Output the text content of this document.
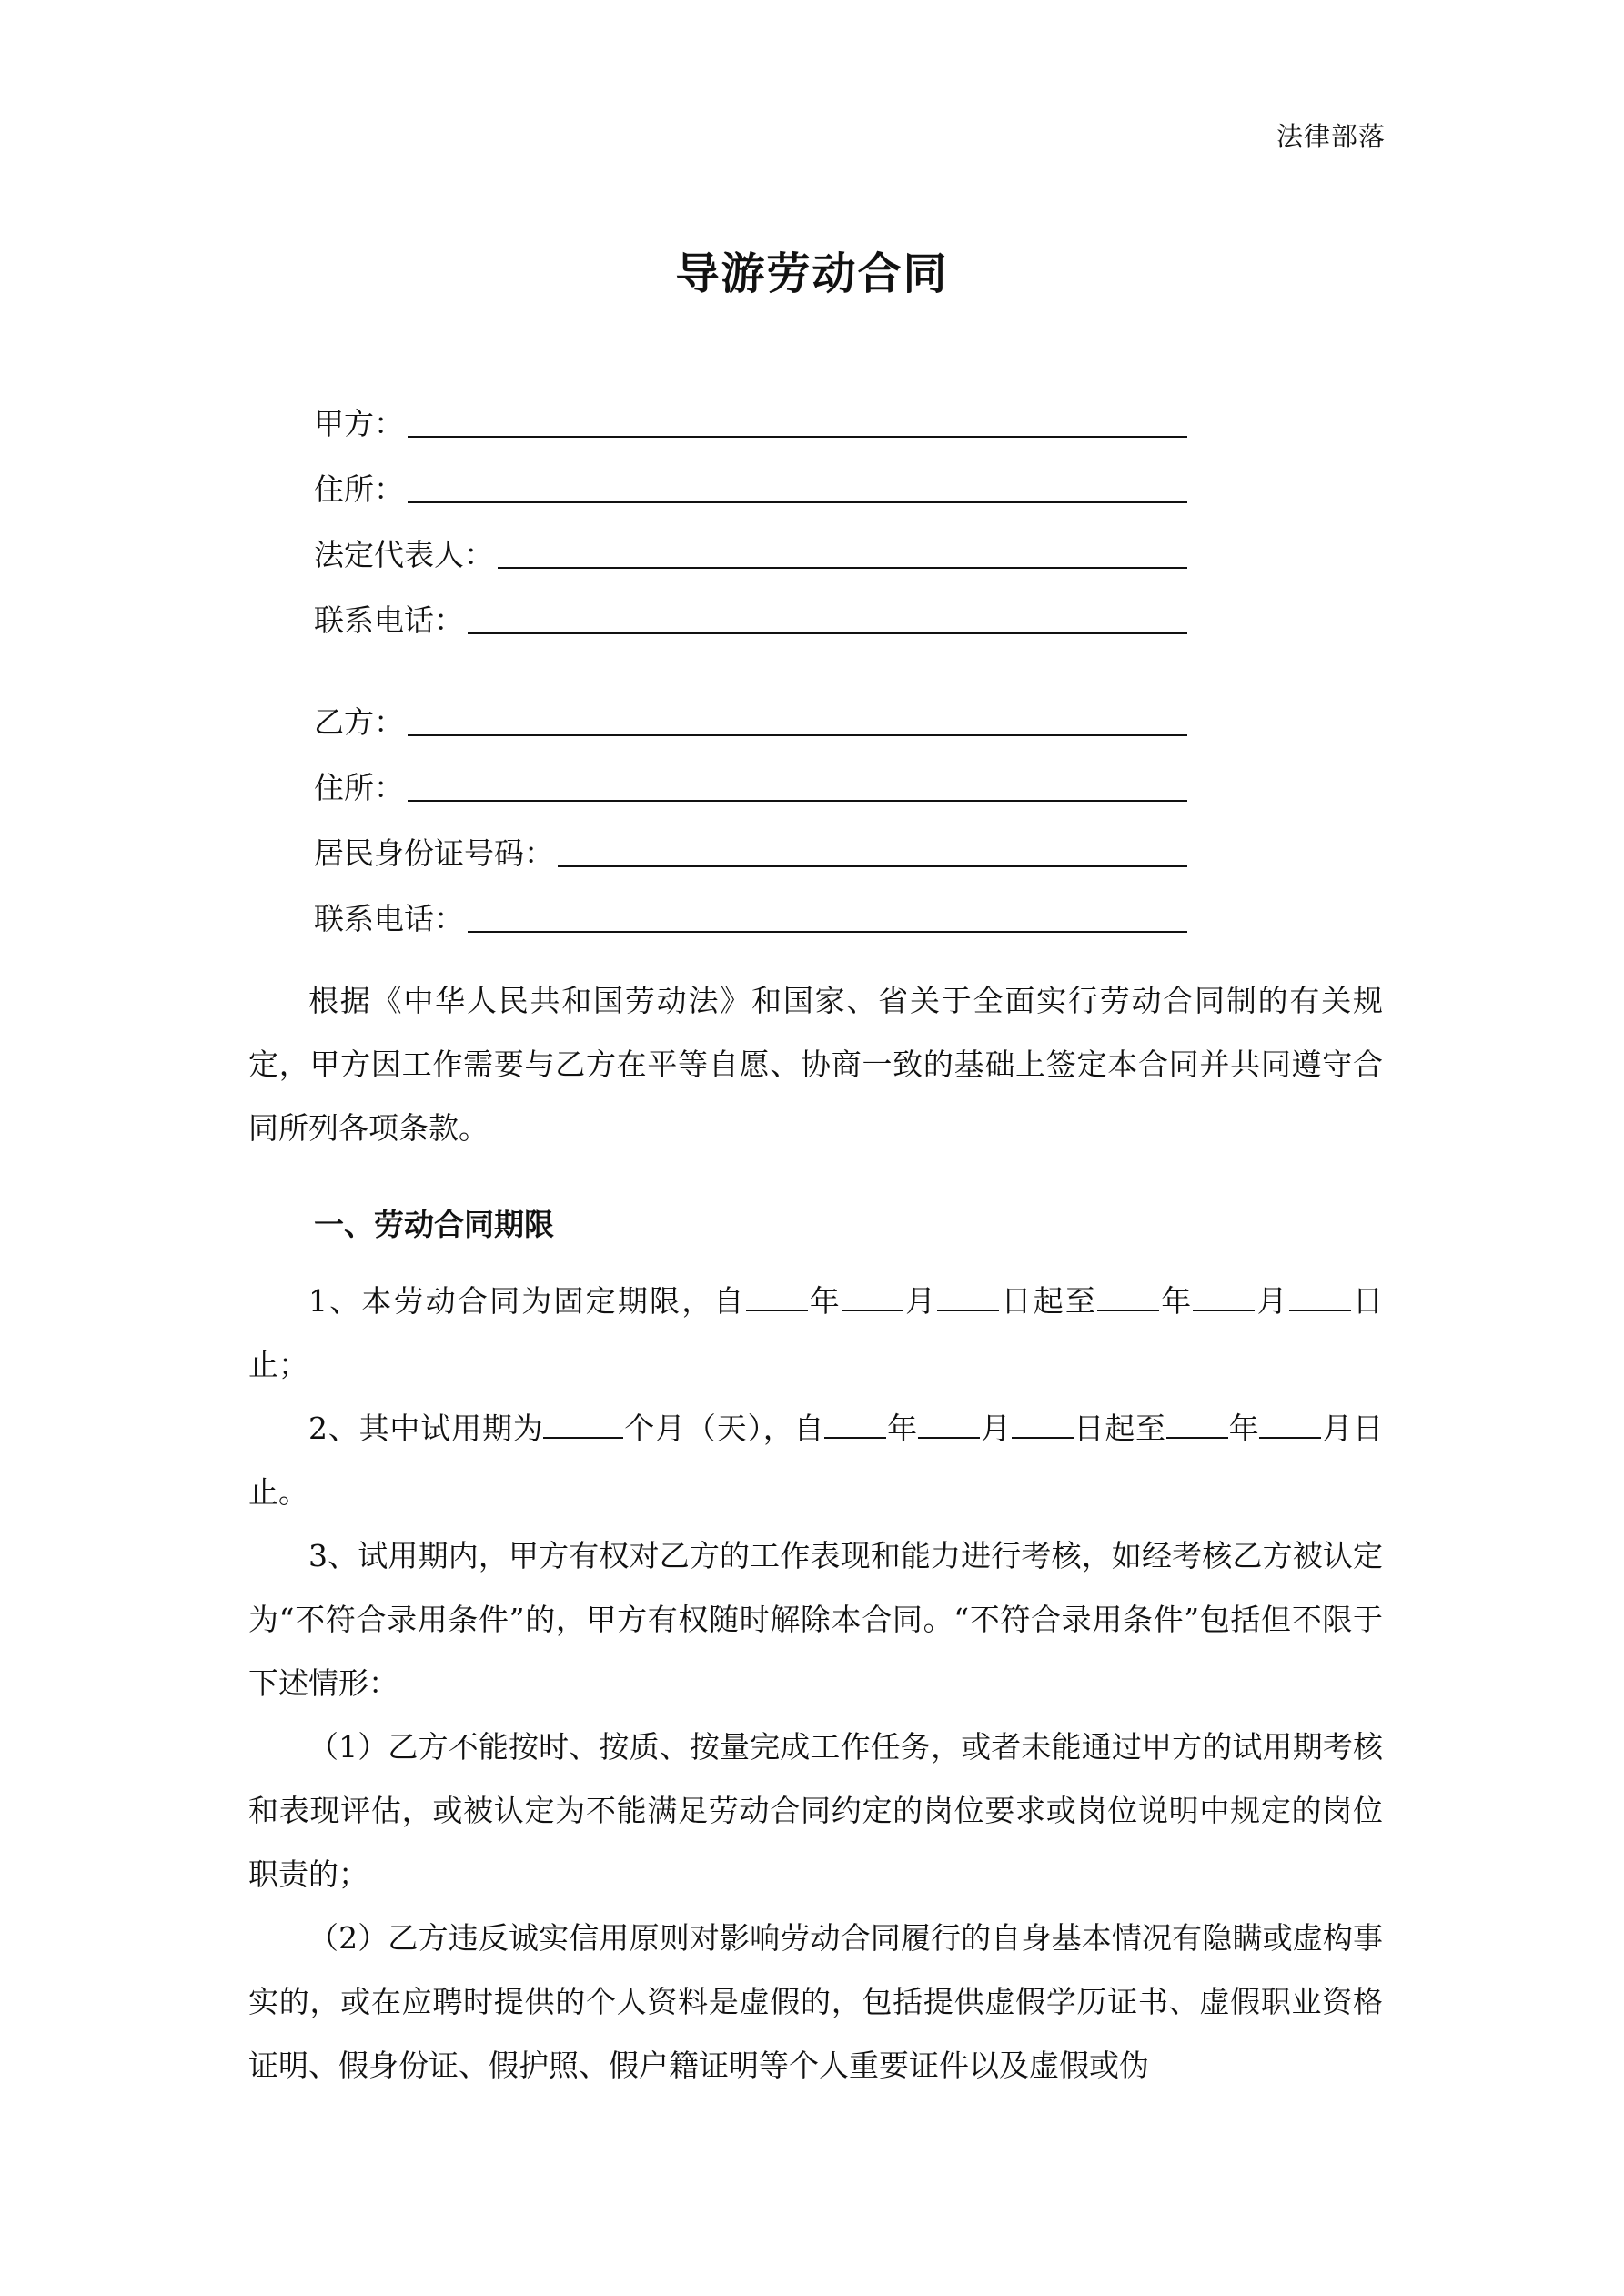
法律部落
导游劳动合同
甲方：
住所：
法定代表人：
联系电话：
乙方：
住所：
居民身份证号码：
联系电话：

根据《中华人民共和国劳动法》和国家、省关于全面实行劳动合同制的有关规定，甲方因工作需要与乙方在平等自愿、协商一致的基础上签定本合同并共同遵守合同所列各项条款。

一、劳动合同期限

1、本劳动合同为固定期限，自 年 月 日起至 年 月 日止；

2、其中试用期为	个月（天），自 年 月 日起至 年 月日止。

3、试用期内，甲方有权对乙方的工作表现和能力进行考核，如经考核乙方被认定为“不符合录用条件”的，甲方有权随时解除本合同。“不符合录用条件”包括但不限于下述情形：

（1）乙方不能按时、按质、按量完成工作任务，或者未能通过甲方的试用期考核和表现评估，或被认定为不能满足劳动合同约定的岗位要求或岗位说明中规定的岗位职责的；

（2）乙方违反诚实信用原则对影响劳动合同履行的自身基本情况有隐瞒或虚构事实的，或在应聘时提供的个人资料是虚假的，包括提供虚假学历证书、虚假职业资格证明、假身份证、假护照、假户籍证明等个人重要证件以及虚假或伪
